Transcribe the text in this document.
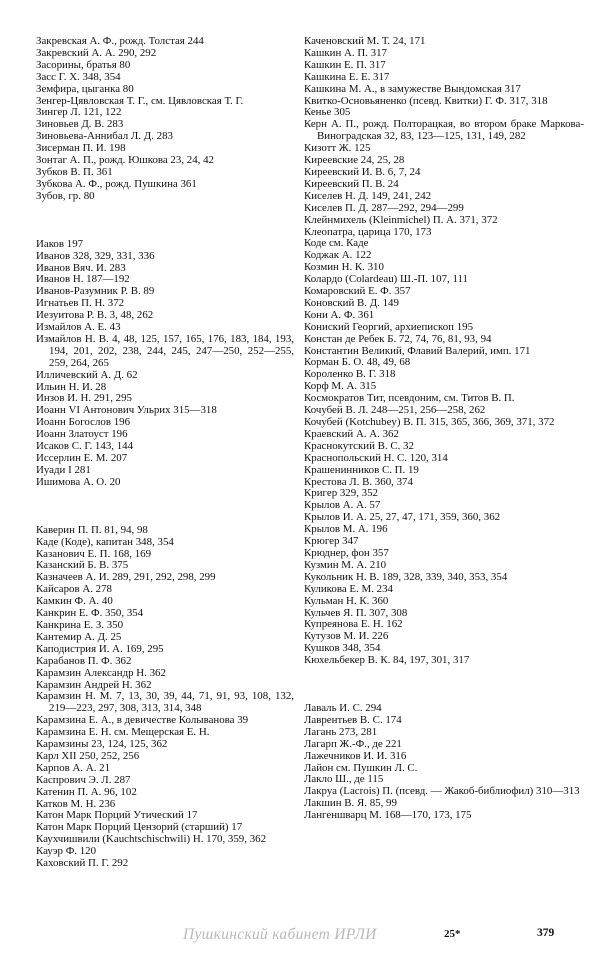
Закревская А. Ф., рожд. Толстая 244

Закревский А. А. 290, 292

Засорины, братья 80

Засс Г. Х. 348, 354

Земфира, цыганка 80

Зенгер-Цявловская Т. Г., см. Цявловская Т. Г.

Зингер Л. 121, 122

Зиновьев Д. В. 283

Зиновьева-Аннибал Л. Д. 283

Зисерман П. И. 198

Зонтаг А. П., рожд. Юшкова 23, 24, 42

Зубков В. П. 361

Зубкова А. Ф., рожд. Пушкина 361

Зубов, гр. 80

Иаков 197

Иванов 328, 329, 331, 336

Иванов Вяч. И. 283

Иванов Н. 187—192

Иванов-Разумник Р. В. 89

Игнатьев П. Н. 372

Иезуитова Р. В. 3, 48, 262

Измайлов А. Е. 43

Измайлов Н. В. 4, 48, 125, 157, 165, 176, 183, 184, 193, 194, 201, 202, 238, 244, 245, 247—250, 252—255, 259, 264, 265

Илличевский А. Д. 62

Ильин Н. И. 28

Инзов И. Н. 291, 295

Иоанн VI Антонович Ульрих 315—318

Иоанн Богослов 196

Иоанн Златоуст 196

Исаков С. Г. 143, 144

Иссерлин Е. М. 207

Иуади I 281

Ишимова А. О. 20

Каверин П. П. 81, 94, 98

Каде (Коде), капитан 348, 354

Казанович Е. П. 168, 169

Казанский Б. В. 375

Казначеев А. И. 289, 291, 292, 298, 299

Кайсаров А. 278

Камкин Ф. А. 40

Канкрин Е. Ф. 350, 354

Канкрина Е. З. 350

Кантемир А. Д. 25

Каподистрия И. А. 169, 295

Карабанов П. Ф. 362

Карамзин Александр Н. 362

Карамзин Андрей Н. 362

Карамзин Н. М. 7, 13, 30, 39, 44, 71, 91, 93, 108, 132, 219—223, 297, 308, 313, 314, 348

Карамзина Е. А., в девичестве Колыванова 39

Карамзина Е. Н. см. Мещерская Е. Н.

Карамзины 23, 124, 125, 362

Карл XII 250, 252, 256

Карпов А. А. 21

Каспрович Э. Л. 287

Катенин П. А. 96, 102

Катков М. Н. 236

Катон Марк Порций Утический 17

Катон Марк Порций Цензорий (старший) 17

Каухчишвили (Kauchtschischwili) Н. 170, 359, 362

Кауэр Ф. 120

Каховский П. Г. 292

Каченовский М. Т. 24, 171

Кашкин А. П. 317

Кашкин Е. П. 317

Кашкина Е. Е. 317

Кашкина М. А., в замужестве Вындомская 317

Квитко-Основьяненко (псевд. Квитки) Г. Ф. 317, 318

Кенье 305

Керн А. П., рожд. Полторацкая, во втором браке Маркова-Виноградская 32, 83, 123—125, 131, 149, 282

Кизотт Ж. 125

Киреевские 24, 25, 28

Киреевский И. В. 6, 7, 24

Киреевский П. В. 24

Киселев Н. Д. 149, 241, 242

Киселев П. Д. 287—292, 294—299

Клейнмихель (Kleinmichel) П. А. 371, 372

Клеопатра, царица 170, 173

Коде см. Каде

Коджак А. 122

Козмин Н. К. 310

Колардо (Colardeau) Ш.-П. 107, 111

Комаровский Е. Ф. 357

Коновский В. Д. 149

Кони А. Ф. 361

Кониский Георгий, архиепископ 195

Констан де Ребек Б. 72, 74, 76, 81, 93, 94

Константин Великий, Флавий Валерий, имп. 171

Корман Б. О. 48, 49, 68

Короленко В. Г. 318

Корф М. А. 315

Космократов Тит, псевдоним, см. Титов В. П.

Кочубей В. Л. 248—251, 256—258, 262

Кочубей (Kotchubey) В. П. 315, 365, 366, 369, 371, 372

Краевский А. А. 362

Краснокутский В. С. 32

Краснопольский Н. С. 120, 314

Крашенинников С. П. 19

Крестова Л. В. 360, 374

Кригер 329, 352

Крылов А. А. 57

Крылов И. А. 25, 27, 47, 171, 359, 360, 362

Крылов М. А. 196

Крюгер 347

Крюднер, фон 357

Кузмин М. А. 210

Кукольник Н. В. 189, 328, 339, 340, 353, 354

Куликова Е. М. 234

Кульман Н. К. 360

Кульчев Я. П. 307, 308

Купреянова Е. Н. 162

Кутузов М. И. 226

Кушков 348, 354

Кюхельбекер В. К. 84, 197, 301, 317

Лаваль И. С. 294

Лаврентьев В. С. 174

Лагань 273, 281

Лагарп Ж.-Ф., де 221

Лажечников И. И. 316

Лайон см. Пушкин Л. С.

Лакло Ш., де 115

Лакруа (Lacrois) П. (псевд. — Жакоб-библиофил) 310—313

Лакшин В. Я. 85, 99

Лангеншварц М. 168—170, 173, 175

Пушкинский кабинет ИРЛИ	25*	379
